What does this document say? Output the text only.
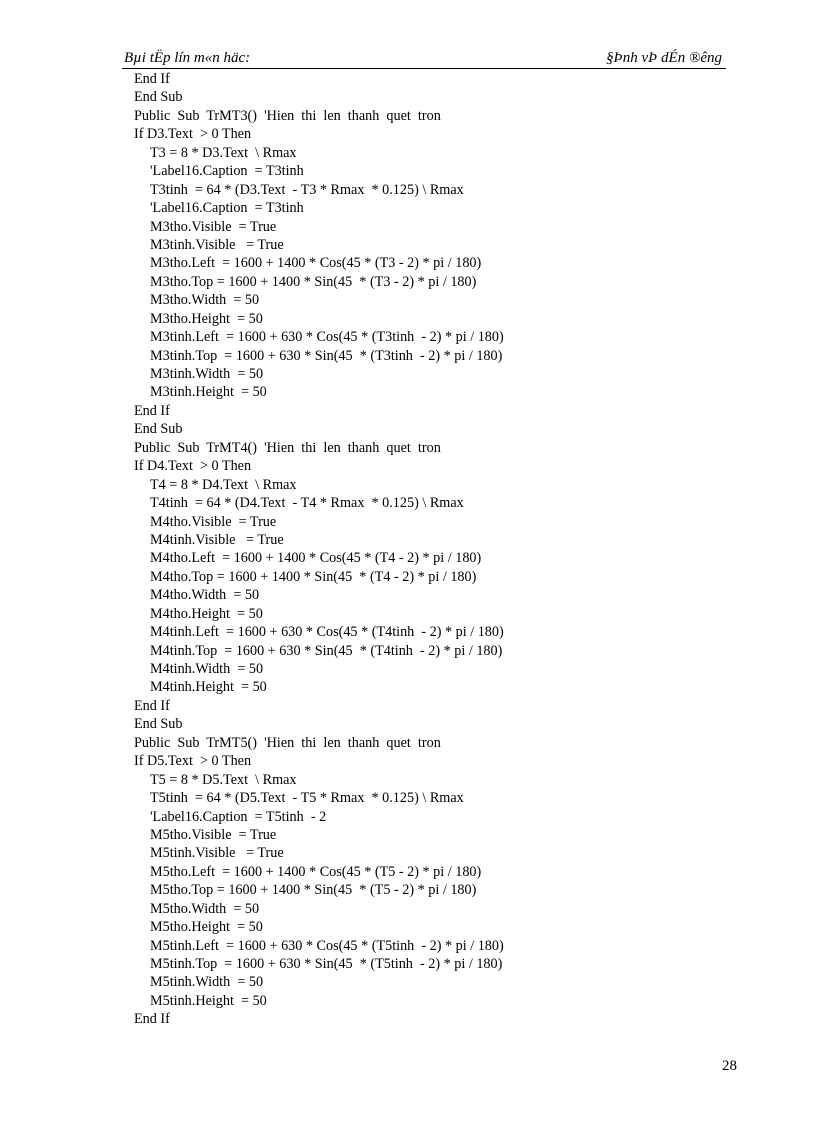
Bµi tËp lín m«n häc:	§Þnh vÞ dÉn ®êng
End If
End Sub
Public  Sub  TrMT3()  'Hien  thi  len  thanh  quet  tron
If D3.Text  > 0 Then
T3 = 8 * D3.Text  \ Rmax
'Label16.Caption  = T3tinh
T3tinh  = 64 * (D3.Text  - T3 * Rmax  * 0.125) \ Rmax
'Label16.Caption  = T3tinh
M3tho.Visible  = True
M3tinh.Visible   = True
M3tho.Left  = 1600 + 1400 * Cos(45 * (T3 - 2) * pi / 180)
M3tho.Top = 1600 + 1400 * Sin(45  * (T3 - 2) * pi / 180)
M3tho.Width  = 50
M3tho.Height  = 50
M3tinh.Left  = 1600 + 630 * Cos(45 * (T3tinh  - 2) * pi / 180)
M3tinh.Top  = 1600 + 630 * Sin(45  * (T3tinh  - 2) * pi / 180)
M3tinh.Width  = 50
M3tinh.Height  = 50
End If
End Sub
Public  Sub  TrMT4()  'Hien  thi  len  thanh  quet  tron
If D4.Text  > 0 Then
T4 = 8 * D4.Text  \ Rmax
T4tinh  = 64 * (D4.Text  - T4 * Rmax  * 0.125) \ Rmax
M4tho.Visible  = True
M4tinh.Visible   = True
M4tho.Left  = 1600 + 1400 * Cos(45 * (T4 - 2) * pi / 180)
M4tho.Top = 1600 + 1400 * Sin(45  * (T4 - 2) * pi / 180)
M4tho.Width  = 50
M4tho.Height  = 50
M4tinh.Left  = 1600 + 630 * Cos(45 * (T4tinh  - 2) * pi / 180)
M4tinh.Top  = 1600 + 630 * Sin(45  * (T4tinh  - 2) * pi / 180)
M4tinh.Width  = 50
M4tinh.Height  = 50
End If
End Sub
Public  Sub  TrMT5()  'Hien  thi  len  thanh  quet  tron
If D5.Text  > 0 Then
T5 = 8 * D5.Text  \ Rmax
T5tinh  = 64 * (D5.Text  - T5 * Rmax  * 0.125) \ Rmax
'Label16.Caption  = T5tinh  - 2
M5tho.Visible  = True
M5tinh.Visible   = True
M5tho.Left  = 1600 + 1400 * Cos(45 * (T5 - 2) * pi / 180)
M5tho.Top = 1600 + 1400 * Sin(45  * (T5 - 2) * pi / 180)
M5tho.Width  = 50
M5tho.Height  = 50
M5tinh.Left  = 1600 + 630 * Cos(45 * (T5tinh  - 2) * pi / 180)
M5tinh.Top  = 1600 + 630 * Sin(45  * (T5tinh  - 2) * pi / 180)
M5tinh.Width  = 50
M5tinh.Height  = 50
End If
28
